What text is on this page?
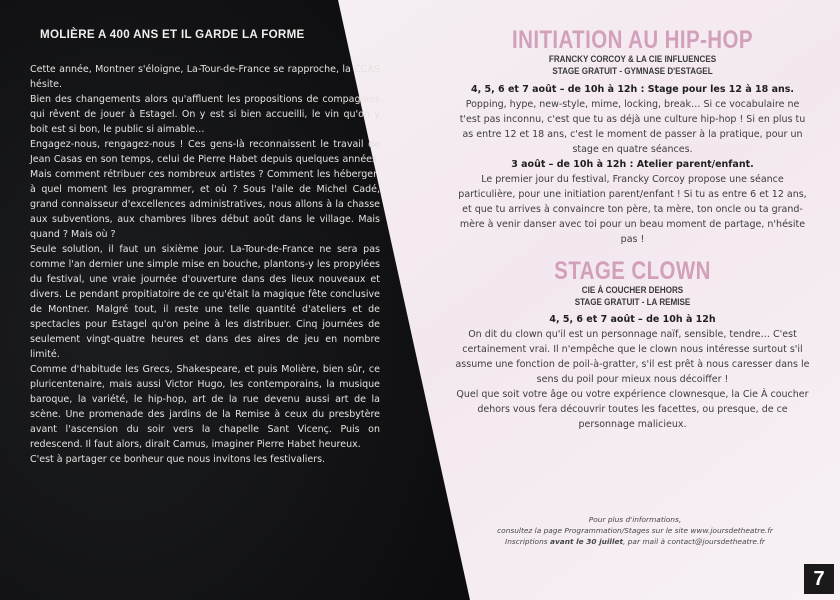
MOLIÈRE A 400 ANS ET IL GARDE LA FORME

Cette année, Montner s'éloigne, La-Tour-de-France se rapproche, la CCAS hésite.

Bien des changements alors qu'affluent les propositions de compagnies qui rêvent de jouer à Estagel. On y est si bien accueilli, le vin qu'on y boit est si bon, le public si aimable…

Engagez-nous, rengagez-nous ! Ces gens-là reconnaissent le travail de Jean Casas en son temps, celui de Pierre Habet depuis quelques années. Mais comment rétribuer ces nombreux artistes ? Comment les héberger, à quel moment les programmer, et où ? Sous l'aile de Michel Cadé, grand connaisseur d'excellences administratives, nous allons à la chasse aux subventions, aux chambres libres début août dans le village. Mais quand ? Mais où ?

Seule solution, il faut un sixième jour. La-Tour-de-France ne sera pas comme l'an dernier une simple mise en bouche, plantons-y les propylées du festival, une vraie journée d'ouverture dans des lieux nouveaux et divers. Le pendant propitiatoire de ce qu'était la magique fête conclusive de Montner. Malgré tout, il reste une telle quantité d'ateliers et de spectacles pour Estagel qu'on peine à les distribuer. Cinq journées de seulement vingt-quatre heures et dans des aires de jeu en nombre limité.

Comme d'habitude les Grecs, Shakespeare, et puis Molière, bien sûr, ce pluricentenaire, mais aussi Victor Hugo, les contemporains, la musique baroque, la variété, le hip-hop, art de la rue devenu aussi art de la scène. Une promenade des jardins de la Remise à ceux du presbytère avant l'ascension du soir vers la chapelle Sant Vicenç. Puis on redescend. Il faut alors, dirait Camus, imaginer Pierre Habet heureux.

C'est à partager ce bonheur que nous invitons les festivaliers.

INITIATION AU HIP-HOP
FRANCKY CORCOY & LA CIE INFLUENCES
STAGE GRATUIT - GYMNASE D'ESTAGEL

4, 5, 6 et 7 août – de 10h à 12h : Stage pour les 12 à 18 ans.

Popping, hype, new-style, mime, locking, break… Si ce vocabulaire ne t'est pas inconnu, c'est que tu as déjà une culture hip-hop ! Si en plus tu as entre 12 et 18 ans, c'est le moment de passer à la pratique, pour un stage en quatre séances.

3 août – de 10h à 12h : Atelier parent/enfant.

Le premier jour du festival, Francky Corcoy propose une séance particulière, pour une initiation parent/enfant ! Si tu as entre 6 et 12 ans, et que tu arrives à convaincre ton père, ta mère, ton oncle ou ta grand-mère à venir danser avec toi pour un beau moment de partage, n'hésite pas !

STAGE CLOWN
CIE À COUCHER DEHORS
STAGE GRATUIT - LA REMISE

4, 5, 6 et 7 août – de 10h à 12h

On dit du clown qu'il est un personnage naïf, sensible, tendre… C'est certainement vrai. Il n'empêche que le clown nous intéresse surtout s'il assume une fonction de poil-à-gratter, s'il est prêt à nous caresser dans le sens du poil pour mieux nous décoiffer !

Quel que soit votre âge ou votre expérience clownesque, la Cie À coucher dehors vous fera découvrir toutes les facettes, ou presque, de ce personnage malicieux.

Pour plus d'informations,
consultez la page Programmation/Stages sur le site www.joursdetheatre.fr
Inscriptions avant le 30 juillet, par mail à contact@joursdetheatre.fr
7
